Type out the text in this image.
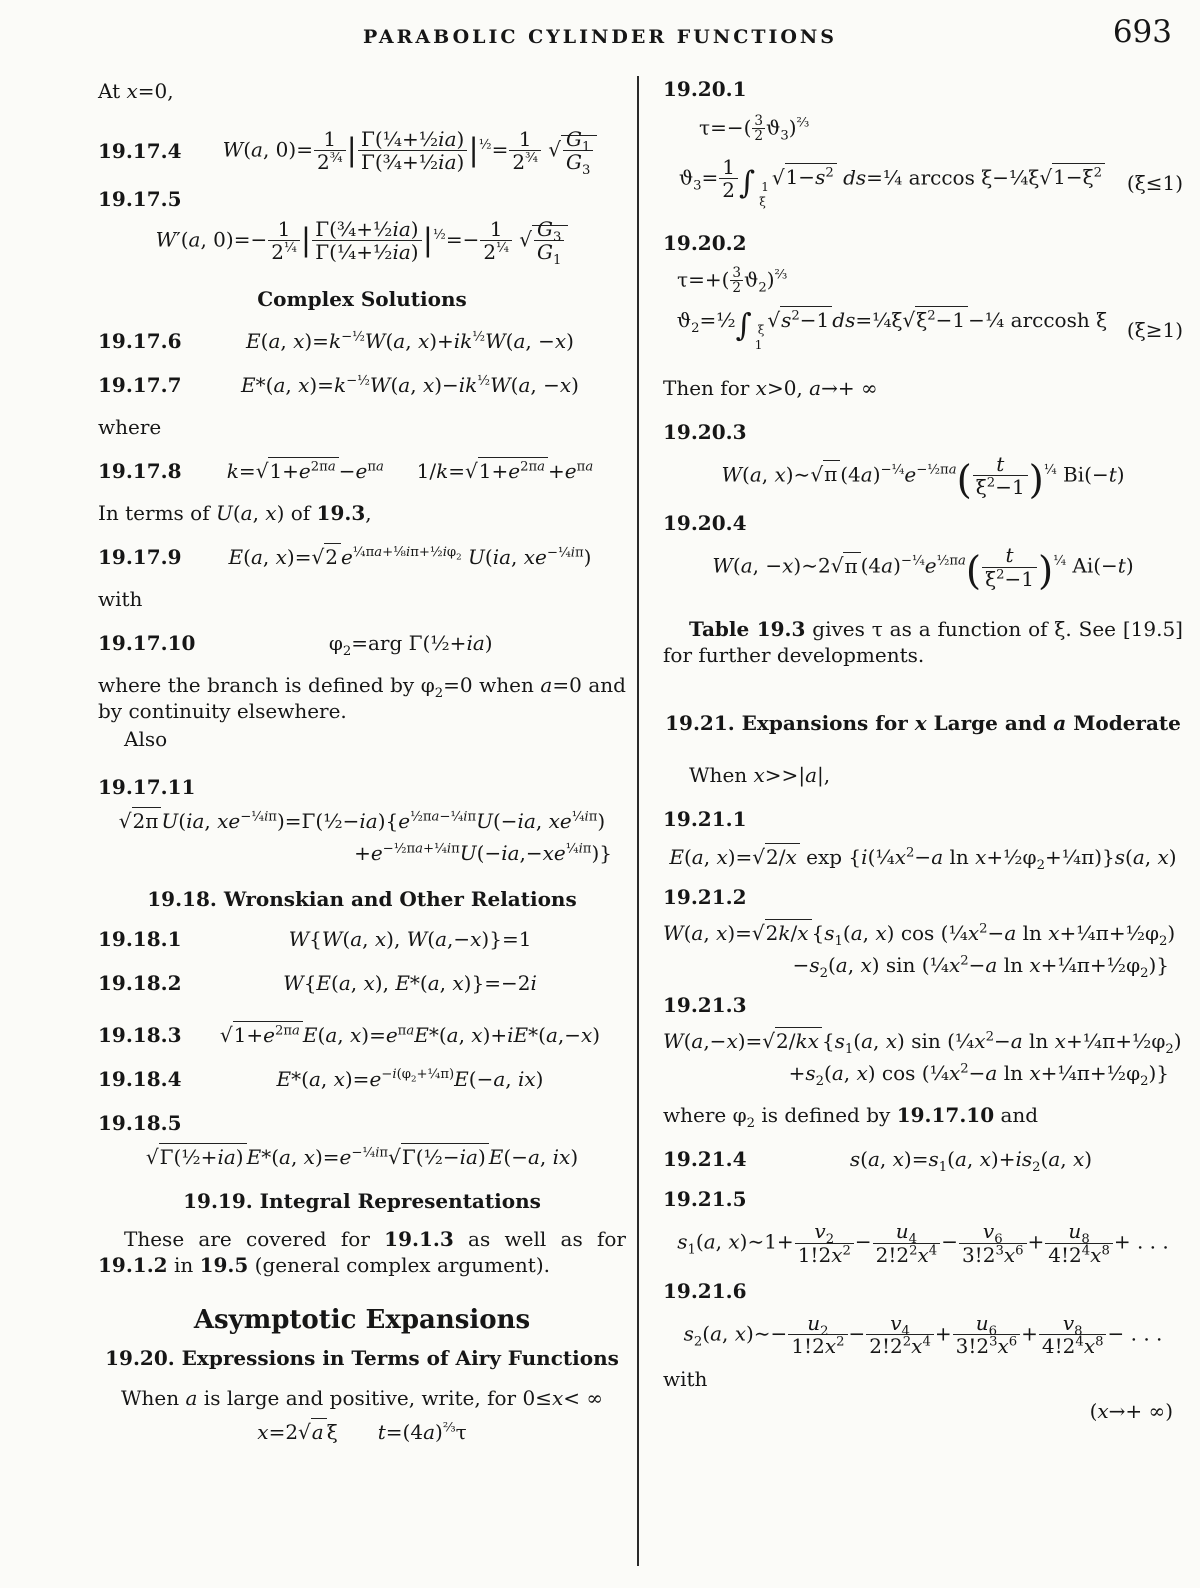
PARABOLIC CYLINDER FUNCTIONS	693
At x=0,
19.17.4	W(a, $0)= \frac{1}{2^{\frac{3}{4}}}$ | $\frac{\text{Γ(¼+½ia)}}{\text{Γ(¾+½ia)}} |^{\frac{1}{2}}= \frac{1}{2^{\frac{3}{4}}}$ √ $\frac{G_1}{G_3}$
19.17.5
W′(a, $0)=- \frac{1}{2^{\frac{1}{4}}}$ | $\frac{\text{Γ(¾+½ia)}}{\text{Γ(¼+½ia)}} |^{\frac{1}{2}}=- \frac{1}{2^{\frac{1}{4}}}$ √ $\frac{G_3}{G_1}$
Complex Solutions
19.17.6	E(a, $x)=k^{-\frac{1}{2}}W(a$, $x)+ik^{\frac{1}{2}}W(a$, −x)
19.17.7	E*(a, $x)=k^{-\frac{1}{2}}W(a$, $x)-ik^{\frac{1}{2}}W(a$, −x)
where
19.17.8	$k=√1+e^{2\pi a} -e^{\pi a}$ $1/k=√1+e^{2\pi a} +e^{\pi a}$
In terms of U(a, x) of 19.3,
19.17.9	E(a, x)=√2 $e^{\frac{1}{4}\pi a+\frac{1}{8}i\pi+\frac{1}{2}i\varphi_2}$ U(ia, $xe^{-\frac{1}{4}i\pi}$)
with
19.17.10	$\varphi_2=arg$ Γ(½+ia)
where the branch is defined by $\varphi_2=0$ when a=0 and by continuity elsewhere.
Also
19.17.11
√2π U(ia, $xe^{-\frac{1}{4}i\pi})=\Gamma(\frac{1}{2}-ia)\{e^{\frac{1}{2}\pi a-\frac{1}{4}i\pi}U(-ia$, $xe^{\frac{1}{4}i\pi}$)
$+e^{-\frac{1}{2}\pi a+\frac{1}{4}i\pi}U(-ia,-xe^{\frac{1}{4}i\pi})$}
19.18. Wronskian and Other Relations
19.18.1	W{W(a, x), W(a,−x)}=1
19.18.2	W{E(a, x), E*(a, x)}=−2i
19.18.3	$√1+e^{2\pi a}$ E(a, $x)=e^{\pi a}E*(a$, x)+iE*(a,−x)
19.18.4	E*(a, $x)=e^{-i(\varphi_2+\frac{1}{4}\pi)}E(-a$, ix)
19.18.5
√Γ(½+ia) E*(a, $x)=e^{-\frac{1}{4}i\pi}√\Gamma(\frac{1}{2}-ia)$ E(−a, ix)
19.19. Integral Representations
These are covered for 19.1.3 as well as for 19.1.2 in 19.5 (general complex argument).
Asymptotic Expansions
19.20. Expressions in Terms of Airy Functions
When a is large and positive, write, for 0≤x< ∞
x=2√a ξ  $t=(4a)^{\frac{2}{3}}\tau$
19.20.1
$\tau=-( \frac{3}{2} ϑ_3)^{\frac{2}{3}}$
$ϑ_3= \frac{1}{2}$ ∫ 1
ξ
$√1-s^2$ ds=¼ $\arccos \xi-\frac{1}{4}\xi√1-\xi^2$	(ξ≤1)
19.20.2
$\tau=+( \frac{3}{2} ϑ_2)^{\frac{2}{3}}$
$ϑ_2=\frac{1}{2}\int$ ξ
1
$√s^2-1$ $ds=\frac{1}{4}\xi√\xi^2-1$ −¼ arccosh ξ (ξ≥1)
Then for x>0, a→+ ∞
19.20.3
W(a, x)∼√π $(4a)^{-\frac{1}{4}}e^{-\frac{1}{2}\pi a}( \frac{t}{\xi^2-1} )^{\frac{1}{4}}$ Bi(−t)
19.20.4
W(a, −x)∼2√π $(4a)^{-\frac{1}{4}}e^{\frac{1}{2}\pi a}( \frac{t}{\xi^2-1} )^{\frac{1}{4}}$ Ai(−t)
Table 19.3 gives τ as a function of ξ. See [19.5] for further developments.
19.21. Expansions for x Large and a Moderate
When x>>|a|,
19.21.1
E(a, x)=√2/x $\exp \{i(\frac{1}{4}x^2-a$ $\ln x+\frac{1}{2}\varphi_2+\frac{1}{4}\pi)\}s(a$, x)
19.21.2
W(a, x)=√2k/x {$s_1(a$, x) $\cos (\frac{1}{4}x^2-a$ $\ln x+\frac{1}{4}\pi+\frac{1}{2}\varphi_2$)
$-s_2(a$, x) $\sin (\frac{1}{4}x^2-a$ $\ln x+\frac{1}{4}\pi+\frac{1}{2}\varphi_2$)}
19.21.3
W(a,−x)=√2/kx {$s_1(a$, x) $\sin (\frac{1}{4}x^2-a$ $\ln x+\frac{1}{4}\pi+\frac{1}{2}\varphi_2$)
$+s_2(a$, x) $\cos (\frac{1}{4}x^2-a$ $\ln x+\frac{1}{4}\pi+\frac{1}{2}\varphi_2$)}
where $\varphi_2$ is defined by 19.17.10 and
19.21.4	s(a, $x)=s_1(a$, $x)+is_2(a$, x)
19.21.5
$s_1(a$, x)∼1+ $\frac{v_2}{1!2x^2} - \frac{u_4}{2!2^2x^4} - \frac{v_6}{3!2^3x^6} + \frac{u_8}{4!2^4x^8}$ + . . .
19.21.6
$s_2(a$, x)∼− $\frac{u_2}{1!2x^2} - \frac{v_4}{2!2^2x^4} + \frac{u_6}{3!2^3x^6} + \frac{v_8}{4!2^4x^8}$ − . . .
with
(x→+ ∞)
